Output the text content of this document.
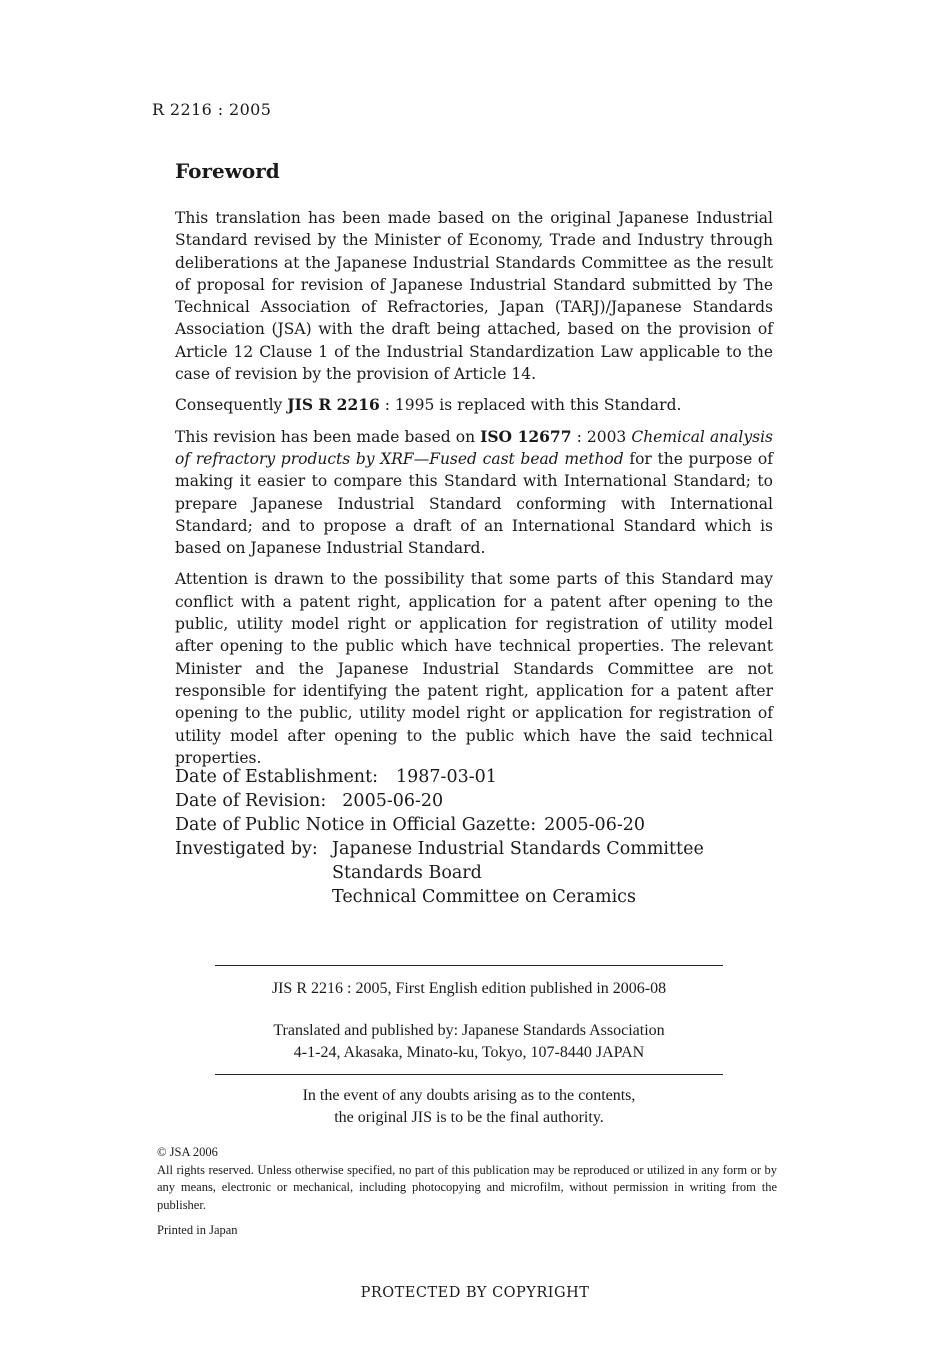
R 2216 : 2005
Foreword

This translation has been made based on the original Japanese Industrial Standard revised by the Minister of Economy, Trade and Industry through deliberations at the Japanese Industrial Standards Committee as the result of proposal for revision of Japanese Industrial Standard submitted by The Technical Association of Refractories, Japan (TARJ)/Japanese Standards Association (JSA) with the draft being attached, based on the provision of Article 12 Clause 1 of the Industrial Standardization Law applicable to the case of revision by the provision of Article 14.

Consequently JIS R 2216 : 1995 is replaced with this Standard.

This revision has been made based on ISO 12677 : 2003 Chemical analysis of refractory products by XRF—Fused cast bead method for the purpose of making it easier to compare this Standard with International Standard; to prepare Japanese Industrial Standard conforming with International Standard; and to propose a draft of an International Standard which is based on Japanese Industrial Standard.

Attention is drawn to the possibility that some parts of this Standard may conflict with a patent right, application for a patent after opening to the public, utility model right or application for registration of utility model after opening to the public which have technical properties. The relevant Minister and the Japanese Industrial Standards Committee are not responsible for identifying the patent right, application for a patent after opening to the public, utility model right or application for registration of utility model after opening to the public which have the said technical properties.

Date of Establishment: 1987-03-01
Date of Revision: 2005-06-20
Date of Public Notice in Official Gazette: 2005-06-20
Investigated by: Japanese Industrial Standards Committee
Standards Board
Technical Committee on Ceramics
JIS R 2216 : 2005, First English edition published in 2006-08
Translated and published by: Japanese Standards Association
4-1-24, Akasaka, Minato-ku, Tokyo, 107-8440 JAPAN
In the event of any doubts arising as to the contents,
the original JIS is to be the final authority.
© JSA 2006
All rights reserved. Unless otherwise specified, no part of this publication may be reproduced or utilized in any form or by any means, electronic or mechanical, including photocopying and microfilm, without permission in writing from the publisher.
Printed in Japan
PROTECTED BY COPYRIGHT
